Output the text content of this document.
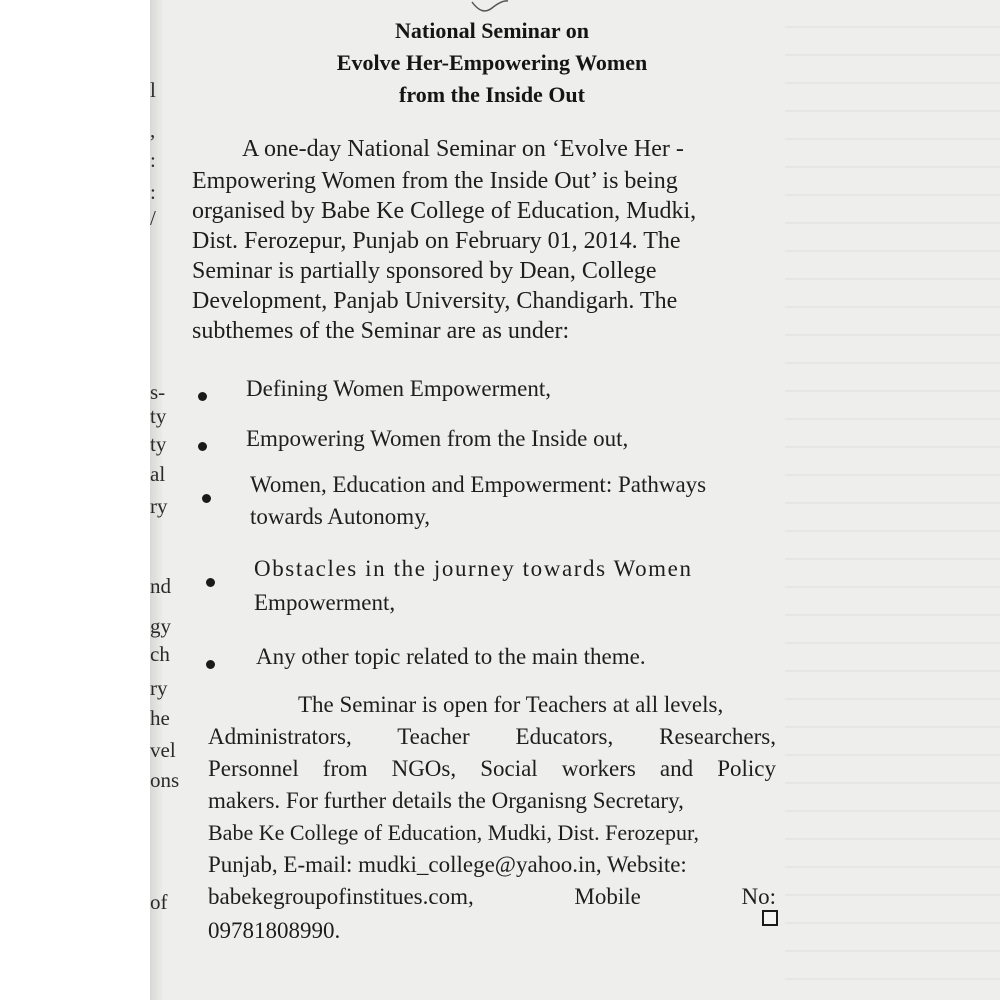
l
,
:
:
/
s-
ty
ty
al
ry
nd
gy
ch
ry
he
vel
ons
of
National Seminar on
Evolve Her-Empowering Women
from the Inside Out
A one-day National Seminar on ‘Evolve Her -
Empowering Women from the Inside Out’ is being
organised by Babe Ke College of Education, Mudki,
Dist. Ferozepur, Punjab on February 01, 2014. The
Seminar is partially sponsored by Dean, College
Development, Panjab University, Chandigarh. The
subthemes of the Seminar are as under:
Defining Women Empowerment,
Empowering Women from the Inside out,
Women, Education and Empowerment: Pathways
towards Autonomy,
Obstacles in the journey towards Women
Empowerment,
Any other topic related to the main theme.
The Seminar is open for Teachers at all levels,
Administrators, Teacher Educators, Researchers,
Personnel from NGOs, Social workers and Policy
makers. For further details the Organisng Secretary,
Babe Ke College of Education, Mudki, Dist. Ferozepur,
Punjab, E-mail: mudki_college@yahoo.in, Website:
babekegroupofinstitues.com, Mobile No:
09781808990.
